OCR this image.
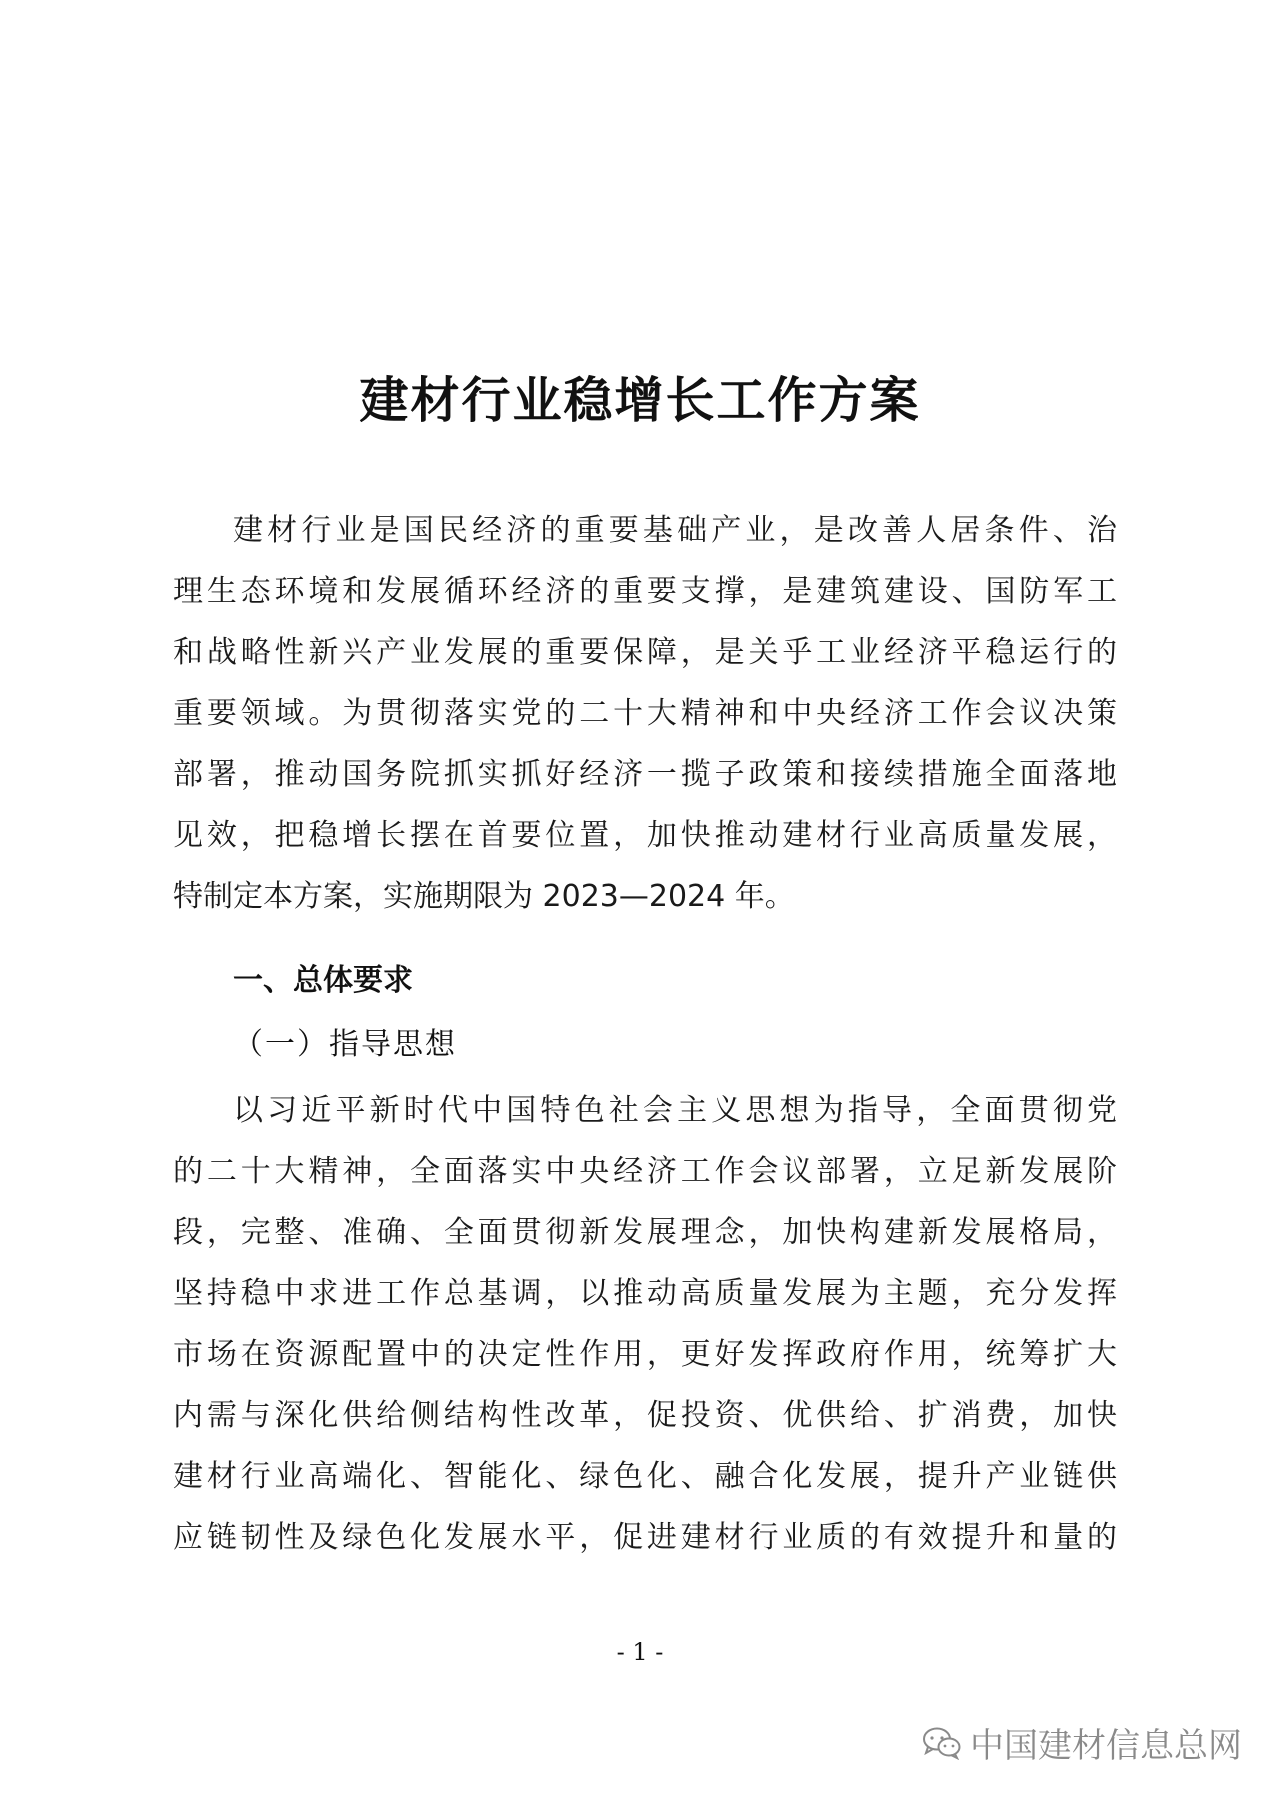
建材行业稳增长工作方案
建材行业是国民经济的重要基础产业，是改善人居条件、治
理生态环境和发展循环经济的重要支撑，是建筑建设、国防军工
和战略性新兴产业发展的重要保障，是关乎工业经济平稳运行的
重要领域。为贯彻落实党的二十大精神和中央经济工作会议决策
部署，推动国务院抓实抓好经济一揽子政策和接续措施全面落地
见效，把稳增长摆在首要位置，加快推动建材行业高质量发展，
特制定本方案，实施期限为 2023—2024 年。
一、总体要求
（一）指导思想
以习近平新时代中国特色社会主义思想为指导，全面贯彻党
的二十大精神，全面落实中央经济工作会议部署，立足新发展阶
段，完整、准确、全面贯彻新发展理念，加快构建新发展格局，
坚持稳中求进工作总基调，以推动高质量发展为主题，充分发挥
市场在资源配置中的决定性作用，更好发挥政府作用，统筹扩大
内需与深化供给侧结构性改革，促投资、优供给、扩消费，加快
建材行业高端化、智能化、绿色化、融合化发展，提升产业链供
应链韧性及绿色化发展水平，促进建材行业质的有效提升和量的
- 1 -
中国建材信息总网
